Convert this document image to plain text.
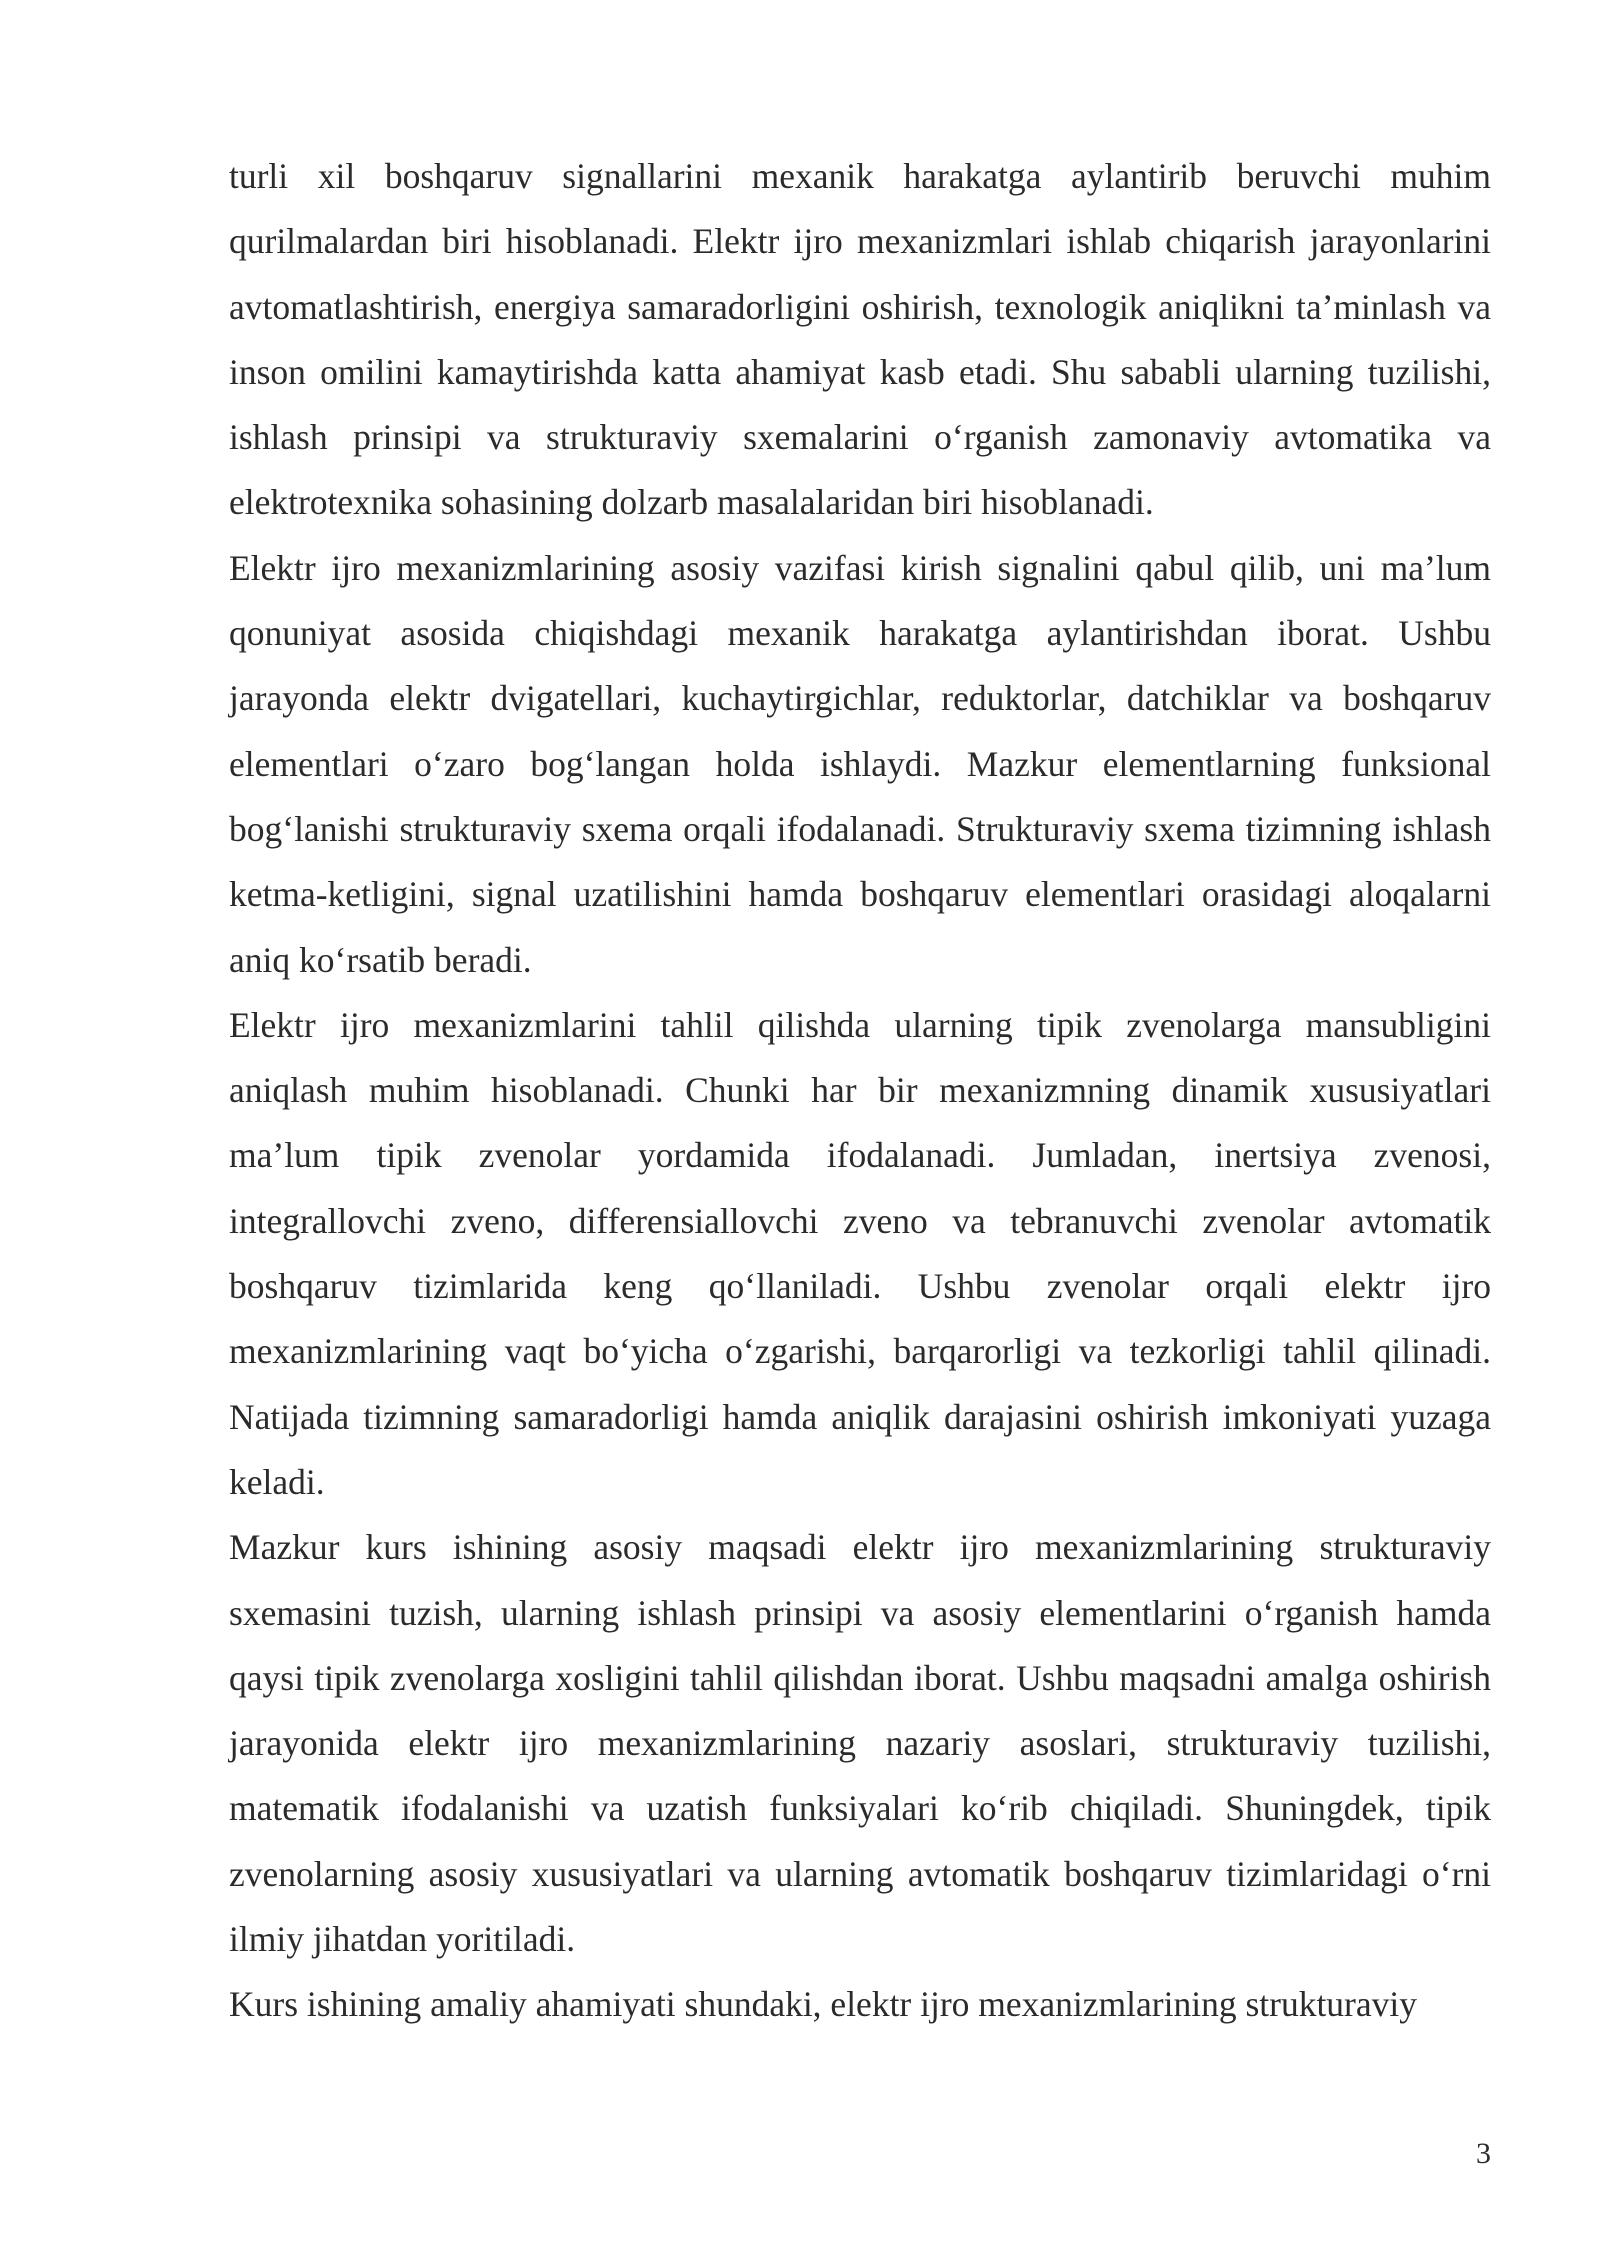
turli xil boshqaruv signallarini mexanik harakatga aylantirib beruvchi muhim qurilmalardan biri hisoblanadi. Elektr ijro mexanizmlari ishlab chiqarish jarayonlarini avtomatlashtirish, energiya samaradorligini oshirish, texnologik aniqlikni ta’minlash va inson omilini kamaytirishda katta ahamiyat kasb etadi. Shu sababli ularning tuzilishi, ishlash prinsipi va strukturaviy sxemalarini o‘rganish zamonaviy avtomatika va elektrotexnika sohasining dolzarb masalalaridan biri hisoblanadi.

Elektr ijro mexanizmlarining asosiy vazifasi kirish signalini qabul qilib, uni ma’lum qonuniyat asosida chiqishdagi mexanik harakatga aylantirishdan iborat. Ushbu jarayonda elektr dvigatellari, kuchaytirgichlar, reduktorlar, datchiklar va boshqaruv elementlari o‘zaro bog‘langan holda ishlaydi. Mazkur elementlarning funksional bog‘lanishi strukturaviy sxema orqali ifodalanadi. Strukturaviy sxema tizimning ishlash ketma-ketligini, signal uzatilishini hamda boshqaruv elementlari orasidagi aloqalarni aniq ko‘rsatib beradi.

Elektr ijro mexanizmlarini tahlil qilishda ularning tipik zvenolarga mansubligini aniqlash muhim hisoblanadi. Chunki har bir mexanizmning dinamik xususiyatlari ma’lum tipik zvenolar yordamida ifodalanadi. Jumladan, inertsiya zvenosi, integrallovchi zveno, differensiallovchi zveno va tebranuvchi zvenolar avtomatik boshqaruv tizimlarida keng qo‘llaniladi. Ushbu zvenolar orqali elektr ijro mexanizmlarining vaqt bo‘yicha o‘zgarishi, barqarorligi va tezkorligi tahlil qilinadi. Natijada tizimning samaradorligi hamda aniqlik darajasini oshirish imkoniyati yuzaga keladi.

Mazkur kurs ishining asosiy maqsadi elektr ijro mexanizmlarining strukturaviy sxemasini tuzish, ularning ishlash prinsipi va asosiy elementlarini o‘rganish hamda qaysi tipik zvenolarga xosligini tahlil qilishdan iborat. Ushbu maqsadni amalga oshirish jarayonida elektr ijro mexanizmlarining nazariy asoslari, strukturaviy tuzilishi, matematik ifodalanishi va uzatish funksiyalari ko‘rib chiqiladi. Shuningdek, tipik zvenolarning asosiy xususiyatlari va ularning avtomatik boshqaruv tizimlaridagi o‘rni ilmiy jihatdan yoritiladi.

Kurs ishining amaliy ahamiyati shundaki, elektr ijro mexanizmlarining strukturaviy

3
